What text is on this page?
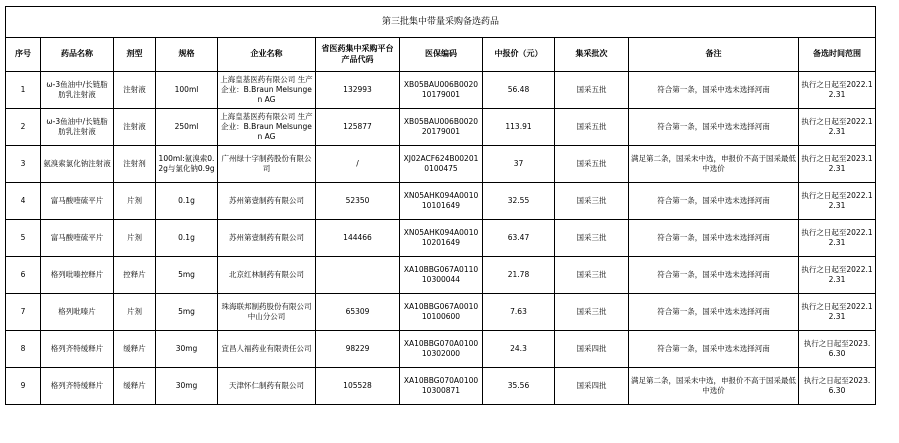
第三批集中带量采购备选药品										
序号	药品名称	剂型	规格	企业名称	省医药集中采购平台产品代码	医保编码	中报价（元）	集采批次	备注	备选时间范围
1	ω-3鱼油中/长链脂肪乳注射液	注射液	100ml	上海皇基医药有限公司 生产企业：B.Braun Melsungen AG	132993	XB05BAU006B002010179001	56.48	国采五批	符合第一条，国采中选未选择河南	执行之日起至2022.12.31
2	ω-3鱼油中/长链脂肪乳注射液	注射液	250ml	上海皇基医药有限公司 生产企业：B.Braun Melsungen AG	125877	XB05BAU006B002020179001	113.91	国采五批	符合第一条，国采中选未选择河南	执行之日起至2022.12.31
3	氨溴索氯化钠注射液	注射剂	100ml:氨溴索0.2g与氯化钠0.9g	广州绿十字制药股份有限公司	/	XJ02ACF624B002010100475	37	国采五批	满足第二条，国采未中选，申报价不高于国采最低中选价	执行之日起至2023.12.31
4	富马酸喹硫平片	片剂	0.1g	苏州第壹制药有限公司	52350	XN05AHK094A001010101649	32.55	国采三批	符合第一条，国采中选未选择河南	执行之日起至2022.12.31
5	富马酸喹硫平片	片剂	0.1g	苏州第壹制药有限公司	144466	XN05AHK094A001010201649	63.47	国采三批	符合第一条，国采中选未选择河南	执行之日起至2022.12.31
6	格列吡嗪控释片	控释片	5mg	北京红林制药有限公司		XA10BBG067A011010300044	21.78	国采三批	符合第一条，国采中选未选择河南	执行之日起至2022.12.31
7	格列吡嗪片	片剂	5mg	珠海联邦制药股份有限公司中山分公司	65309	XA10BBG067A001010100600	7.63	国采三批	符合第一条，国采中选未选择河南	执行之日起至2022.12.31
8	格列齐特缓释片	缓释片	30mg	宜昌人福药业有限责任公司	98229	XA10BBG070A010010302000	24.3	国采四批	符合第一条，国采中选未选择河南	执行之日起至2023.6.30
9	格列齐特缓释片	缓释片	30mg	天津怀仁制药有限公司	105528	XA10BBG070A010010300871	35.56	国采四批	满足第二条，国采未中选，申报价不高于国采最低中选价	执行之日起至2023.6.30
